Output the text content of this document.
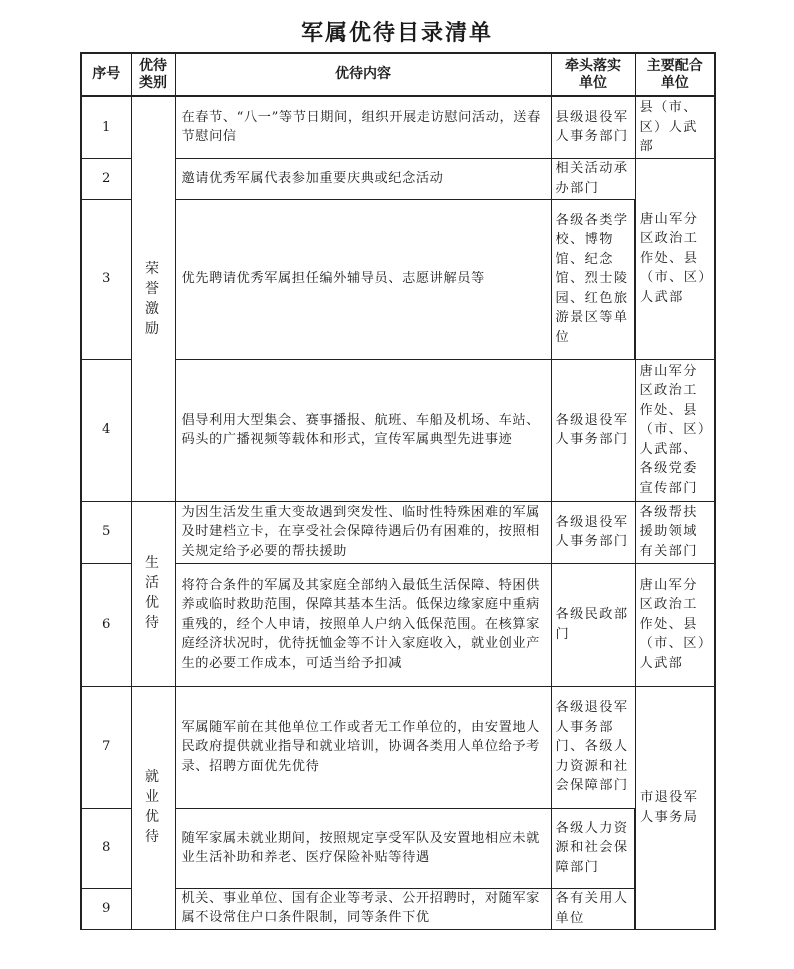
军属优待目录清单
序号	优待类别	优待内容	牵头落实单位	主要配合单位

1	荣誉激励	在春节、“八一”等节日期间，组织开展走访慰问活动，送春节慰问信	县级退役军人事务部门	县（市、区）人武部
2		邀请优秀军属代表参加重要庆典或纪念活动	相关活动承办部门	唐山军分区政治工作处、县（市、区）人武部
3		优先聘请优秀军属担任编外辅导员、志愿讲解员等	各级各类学校、博物馆、纪念馆、烈士陵园、红色旅游景区等单位	
4		倡导利用大型集会、赛事播报、航班、车船及机场、车站、码头的广播视频等载体和形式，宣传军属典型先进事迹	各级退役军人事务部门	唐山军分区政治工作处、县（市、区）人武部、各级党委宣传部门
5	生活优待	为因生活发生重大变故遇到突发性、临时性特殊困难的军属及时建档立卡，在享受社会保障待遇后仍有困难的，按照相关规定给予必要的帮扶援助	各级退役军人事务部门	各级帮扶援助领域有关部门
6		将符合条件的军属及其家庭全部纳入最低生活保障、特困供养或临时救助范围，保障其基本生活。低保边缘家庭中重病重残的，经个人申请，按照单人户纳入低保范围。在核算家庭经济状况时，优待抚恤金等不计入家庭收入，就业创业产生的必要工作成本，可适当给予扣减	各级民政部门	唐山军分区政治工作处、县（市、区）人武部
7	就业优待	军属随军前在其他单位工作或者无工作单位的，由安置地人民政府提供就业指导和就业培训，协调各类用人单位给予考录、招聘方面优先优待	各级退役军人事务部门、各级人力资源和社会保障部门	市退役军人事务局
8		随军家属未就业期间，按照规定享受军队及安置地相应未就业生活补助和养老、医疗保险补贴等待遇	各级人力资源和社会保障部门	
9		机关、事业单位、国有企业等考录、公开招聘时，对随军家属不设常住户口条件限制，同等条件下优	各有关用人单位	
